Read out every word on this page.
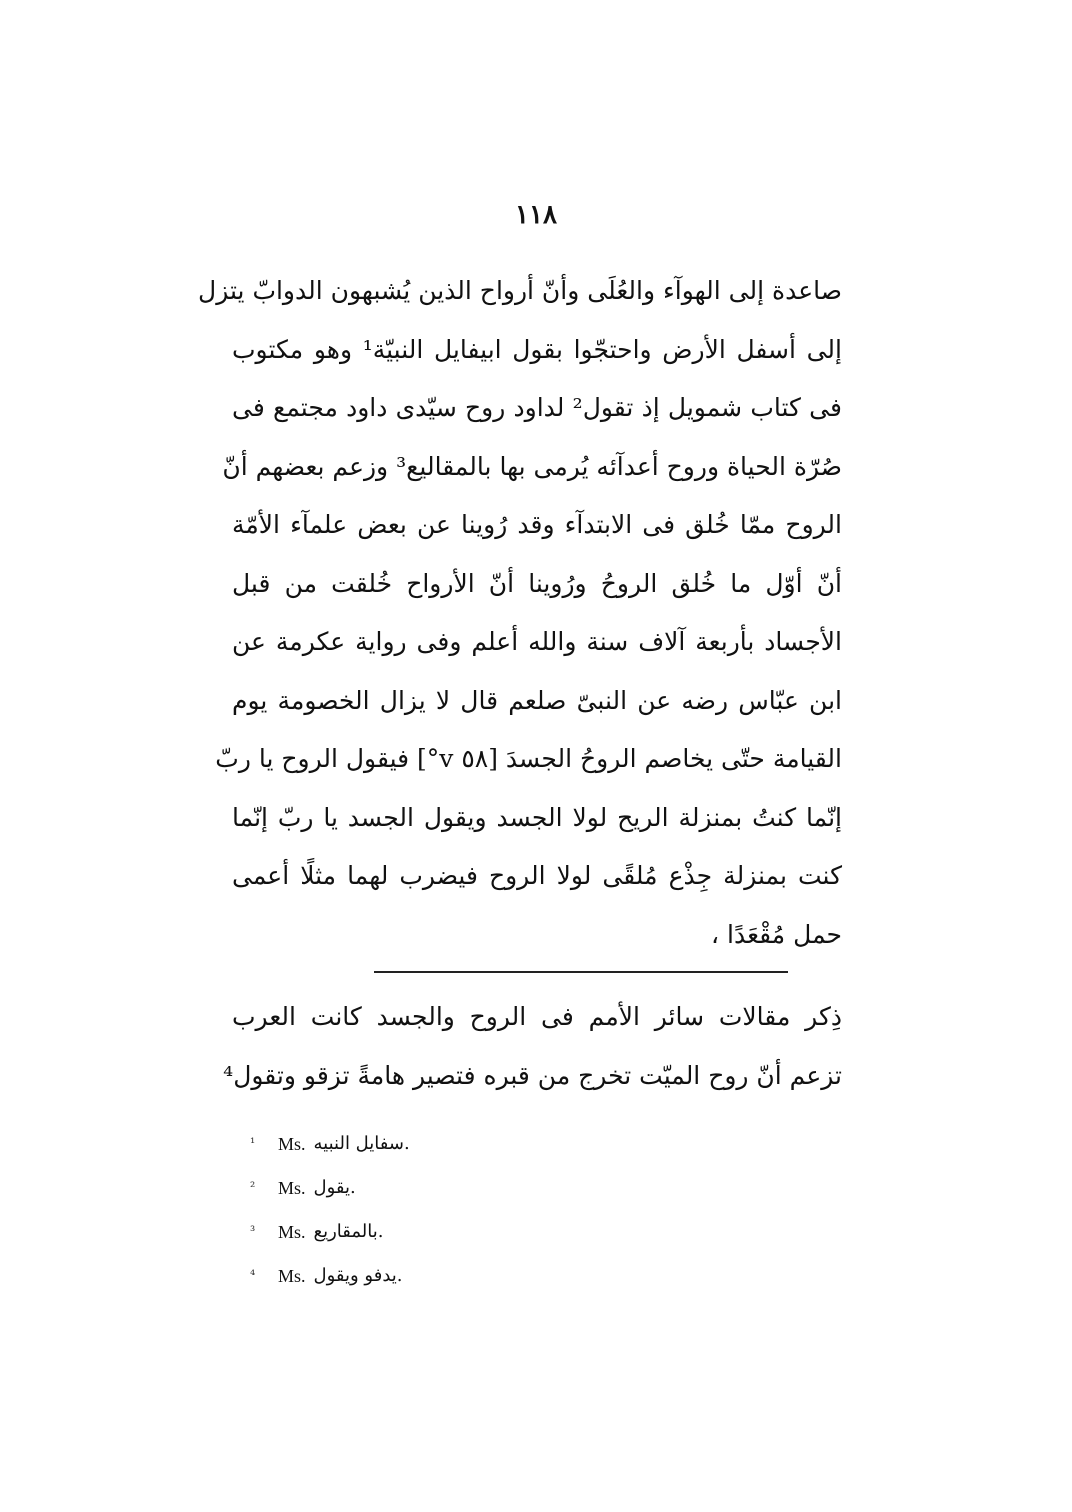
١١٨
صاعدة إلى الهوآء والعُلَى وأنّ أرواح الذين يُشبهون الدوابّ يتزل
إلى أسفل الأرض واحتجّوا بقول ابيفايل النبيّة¹ وهو مكتوب
فى كتاب شمويل إذ تقول² لداود روح سيّدى داود مجتمع فى
صُرّة الحياة وروح أعدآئه يُرمى بها بالمقاليع³ وزعم بعضهم أنّ
الروح ممّا خُلق فى الابتدآء وقد رُوينا عن بعض علمآء الأمّة
أنّ أوّل ما خُلق الروحُ ورُوينا أنّ الأرواح خُلقت من قبل
الأجساد بأربعة آلاف سنة والله أعلم وفى رواية عكرمة عن
ابن عبّاس رضه عن النبىّ صلعم قال لا يزال الخصومة يوم
القيامة حتّى يخاصم الروحُ الجسدَ [٥٨ v°] فيقول الروح يا ربّ
إنّما كنتُ بمنزلة الريح لولا الجسد ويقول الجسد يا ربّ إنّما
كنت بمنزلة جِذْع مُلقًى لولا الروح فيضرب لهما مثلًا أعمى
حمل مُقْعَدًا ،
ذِكر مقالات سائر الأمم فى الروح والجسد كانت العرب
تزعم أنّ روح الميّت تخرج من قبره فتصير هامةً تزقو وتقول⁴
¹	Ms. سفايل النبيه .
²	Ms. يقول .
³	Ms. بالمقاريع .
⁴	Ms. يدفو ويقول .
